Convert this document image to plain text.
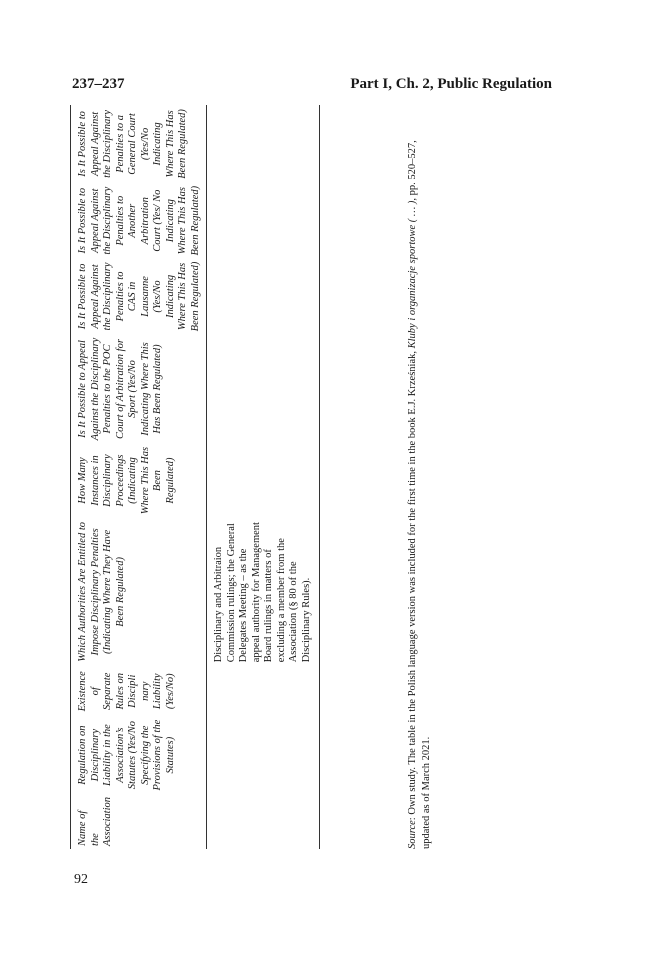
237–237	Part I, Ch. 2, Public Regulation
Name of the Association	Regulation on Disciplinary Liability in the Association’s Statutes (Yes/No Specifying the Provisions of the Statutes)	Existence of Separate Rules on Discipli nary Liability (Yes/No)	Which Authorities Are Entitled to Impose Disciplinary Penalties (Indicating Where They Have Been Regulated)	How Many Instances in Disciplinary Proceedings (Indicating Where This Has Been Regulated)	Is It Possible to Appeal Against the Disciplinary Penalties to the POC Court of Arbitration for Sport (Yes/No Indicating Where This Has Been Regulated)	Is It Possible to Appeal Against the Disciplinary Penalties to CAS in Lausanne (Yes/No Indicating Where This Has Been Regulated)	Is It Possible to Appeal Against the Disciplinary Penalties to Another Arbitration Court (Yes/ No Indicating Where This Has Been Regulated)	Is It Possible to Appeal Against the Disciplinary Penalties to a General Court (Yes/No Indicating Where This Has Been Regulated)

			Disciplinary and Arbitraion Commission rulings; the General Delegates Meeting – as the appeal authority for Management Board rulings in matters of excluding a member from the Association (§ 80 of the Disciplinary Rules).					
Source: Own study. The table in the Polish language version was included for the first time in the book E.J. Krześniak, Kluby i organizacje sportowe ( … ), pp. 520–527, updated as of March 2021.
92
